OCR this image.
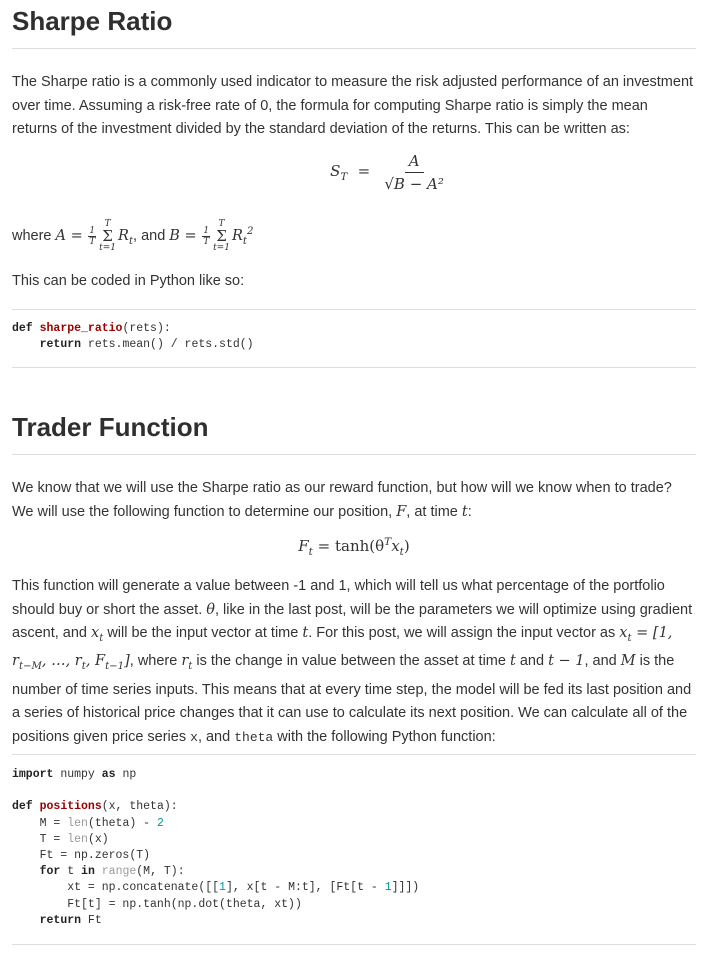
Sharpe Ratio

The Sharpe ratio is a commonly used indicator to measure the risk adjusted performance of an investment over time. Assuming a risk-free rate of 0, the formula for computing Sharpe ratio is simply the mean returns of the investment divided by the standard deviation of the returns. This can be written as:

$S_T = \frac{A}{\text{√B − A²}}$
where $A = \frac{1}{T}$
T
Σ
t=1
$R_t$, and $B = \frac{1}{T}$
T
Σ
t=1
$R_t^2$

This can be coded in Python like so:

def sharpe_ratio(rets):
return rets.mean() / rets.std()
Trader Function

We know that we will use the Sharpe ratio as our reward function, but how will we know when to trade? We will use the following function to determine our position, F, at time t:

$F_t = \tanh(\theta^Tx_t)$

This function will generate a value between -1 and 1, which will tell us what percentage of the portfolio should buy or short the asset. θ, like in the last post, will be the parameters we will optimize using gradient ascent, and $x_t$ will be the input vector at time t. For this post, we will assign the input vector as $x_t = [1$, $r_{t-M}$, …, $r_t$, $F_{t-1}$], where $r_t$ is the change in value between the asset at time t and t − 1, and M is the number of time series inputs. This means that at every time step, the model will be fed its last position and a series of historical price changes that it can use to calculate its next position. We can calculate all of the positions given price series x, and theta with the following Python function:

import numpy as np

def positions(x, theta):
M = len(theta) - 2
T = len(x)
Ft = np.zeros(T)
for t in range(M, T):
xt = np.concatenate([[1], x[t - M:t], [Ft[t - 1]]])
Ft[t] = np.tanh(np.dot(theta, xt))
return Ft
